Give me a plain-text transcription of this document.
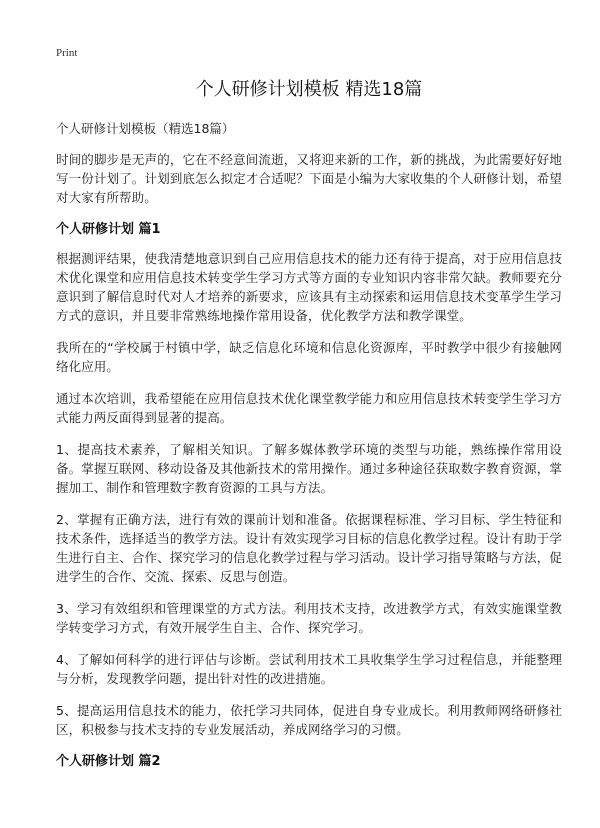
Print
个人研修计划模板 精选18篇

个人研修计划模板（精选18篇）

时间的脚步是无声的，它在不经意间流逝，又将迎来新的工作，新的挑战，为此需要好好地写一份计划了。计划到底怎么拟定才合适呢？下面是小编为大家收集的个人研修计划，希望对大家有所帮助。

个人研修计划 篇1

根据测评结果，使我清楚地意识到自己应用信息技术的能力还有待于提高，对于应用信息技术优化课堂和应用信息技术转变学生学习方式等方面的专业知识内容非常欠缺。教师要充分意识到了解信息时代对人才培养的新要求，应该具有主动探索和运用信息技术变革学生学习方式的意识，并且要非常熟练地操作常用设备，优化教学方法和教学课堂。

我所在的“学校属于村镇中学，缺乏信息化环境和信息化资源库，平时教学中很少有接触网络化应用。

通过本次培训，我希望能在应用信息技术优化课堂教学能力和应用信息技术转变学生学习方式能力两反面得到显著的提高。

1、提高技术素养，了解相关知识。了解多媒体教学环境的类型与功能，熟练操作常用设备。掌握互联网、移动设备及其他新技术的常用操作。通过多种途径获取数字教育资源，掌握加工、制作和管理数字教育资源的工具与方法。

2、掌握有正确方法，进行有效的课前计划和准备。依据课程标准、学习目标、学生特征和技术条件，选择适当的教学方法。设计有效实现学习目标的信息化教学过程。设计有助于学生进行自主、合作、探究学习的信息化教学过程与学习活动。设计学习指导策略与方法，促进学生的合作、交流、探索、反思与创造。

3、学习有效组织和管理课堂的方式方法。利用技术支持，改进教学方式，有效实施课堂教学转变学习方式，有效开展学生自主、合作、探究学习。

4、了解如何科学的进行评估与诊断。尝试利用技术工具收集学生学习过程信息，并能整理与分析，发现教学问题，提出针对性的改进措施。

5、提高运用信息技术的能力，依托学习共同体，促进自身专业成长。利用教师网络研修社区，积极参与技术支持的专业发展活动，养成网络学习的习惯。

个人研修计划 篇2
